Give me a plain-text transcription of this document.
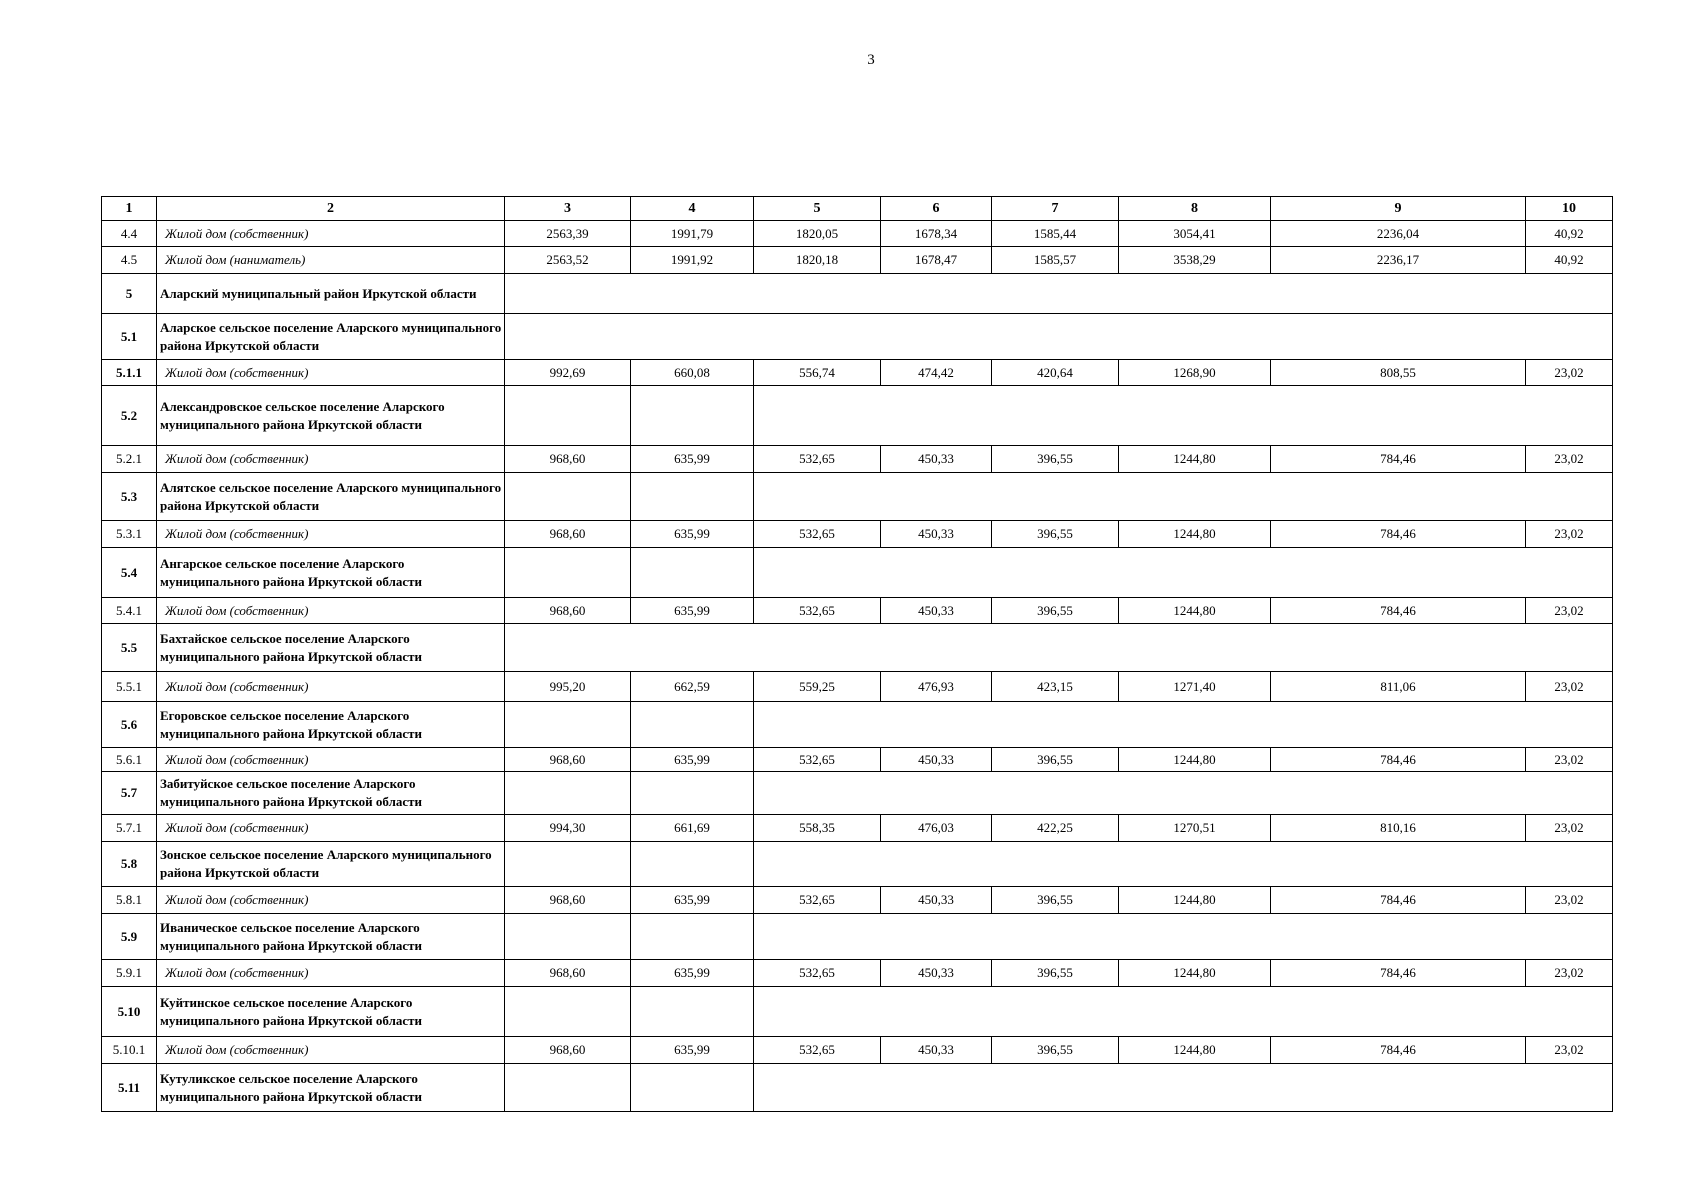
3
1	2	3	4	5	6	7	8	9	10
4.4	Жилой дом (собственник)	2563,39	1991,79	1820,05	1678,34	1585,44	3054,41	2236,04	40,92
4.5	Жилой дом (наниматель)	2563,52	1991,92	1820,18	1678,47	1585,57	3538,29	2236,17	40,92
5	Аларский муниципальный район Иркутской области								
5.1	Аларское сельское поселение Аларского муниципального района Иркутской области								
5.1.1	Жилой дом (собственник)	992,69	660,08	556,74	474,42	420,64	1268,90	808,55	23,02
5.2	Александровское сельское поселение Аларского муниципального района Иркутской области								
5.2.1	Жилой дом (собственник)	968,60	635,99	532,65	450,33	396,55	1244,80	784,46	23,02
5.3	Алятское сельское поселение Аларского муниципального района Иркутской области								
5.3.1	Жилой дом (собственник)	968,60	635,99	532,65	450,33	396,55	1244,80	784,46	23,02
5.4	Ангарское сельское поселение Аларского муниципального района Иркутской области								
5.4.1	Жилой дом (собственник)	968,60	635,99	532,65	450,33	396,55	1244,80	784,46	23,02
5.5	Бахтайское сельское поселение Аларского муниципального района Иркутской области								
5.5.1	Жилой дом (собственник)	995,20	662,59	559,25	476,93	423,15	1271,40	811,06	23,02
5.6	Егоровское сельское поселение Аларского муниципального района Иркутской области								
5.6.1	Жилой дом (собственник)	968,60	635,99	532,65	450,33	396,55	1244,80	784,46	23,02
5.7	Забитуйское сельское поселение Аларского муниципального района Иркутской области								
5.7.1	Жилой дом (собственник)	994,30	661,69	558,35	476,03	422,25	1270,51	810,16	23,02
5.8	Зонское сельское поселение Аларского муниципального района Иркутской области								
5.8.1	Жилой дом (собственник)	968,60	635,99	532,65	450,33	396,55	1244,80	784,46	23,02
5.9	Иваническое сельское поселение Аларского муниципального района Иркутской области								
5.9.1	Жилой дом (собственник)	968,60	635,99	532,65	450,33	396,55	1244,80	784,46	23,02
5.10	Куйтинское сельское поселение Аларского муниципального района Иркутской области								
5.10.1	Жилой дом (собственник)	968,60	635,99	532,65	450,33	396,55	1244,80	784,46	23,02
5.11	Кутуликское сельское поселение Аларского муниципального района Иркутской области								
